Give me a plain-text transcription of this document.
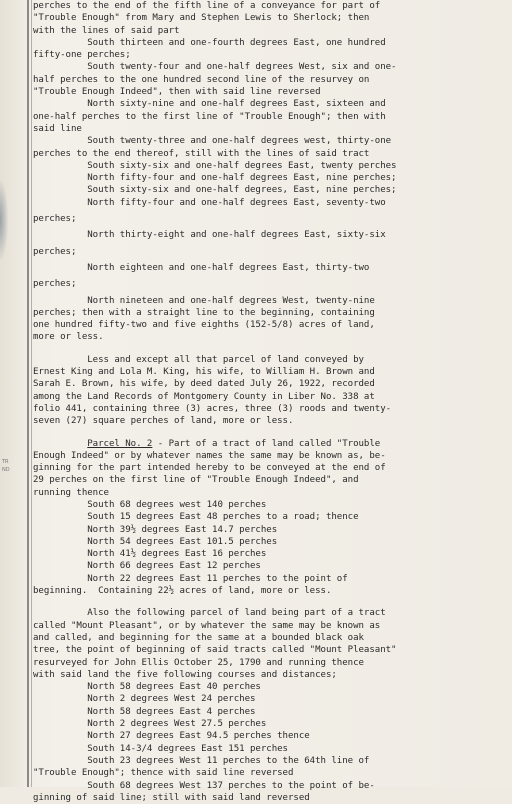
TR
ND
perches to the end of the fifth line of a conveyance for part of
"Trouble Enough" from Mary and Stephen Lewis to Sherlock; then
with the lines of said part
South thirteen and one-fourth degrees East, one hundred
fifty-one perches;
South twenty-four and one-half degrees West, six and one-
half perches to the one hundred second line of the resurvey on
"Trouble Enough Indeed", then with said line reversed
North sixty-nine and one-half degrees East, sixteen and
one-half perches to the first line of "Trouble Enough"; then with
said line
South twenty-three and one-half degrees west, thirty-one
perches to the end thereof, still with the lines of said tract
South sixty-six and one-half degrees East, twenty perches
North fifty-four and one-half degrees East, nine perches;
South sixty-six and one-half degrees, East, nine perches;
North fifty-four and one-half degrees East, seventy-two
perches;
North thirty-eight and one-half degrees East, sixty-six
perches;
North eighteen and one-half degrees East, thirty-two
perches;
North nineteen and one-half degrees West, twenty-nine
perches; then with a straight line to the beginning, containing
one hundred fifty-two and five eighths (152-5/8) acres of land,
more or less.
Less and except all that parcel of land conveyed by
Ernest King and Lola M. King, his wife, to William H. Brown and
Sarah E. Brown, his wife, by deed dated July 26, 1922, recorded
among the Land Records of Montgomery County in Liber No. 338 at
folio 441, containing three (3) acres, three (3) roods and twenty-
seven (27) square perches of land, more or less.
Parcel No. 2 - Part of a tract of land called "Trouble
Enough Indeed" or by whatever names the same may be known as, be-
ginning for the part intended hereby to be conveyed at the end of
29 perches on the first line of "Trouble Enough Indeed", and
running thence
South 68 degrees west 140 perches
South 15 degrees East 48 perches to a road; thence
North 39½ degrees East 14.7 perches
North 54 degrees East 101.5 perches
North 41½ degrees East 16 perches
North 66 degrees East 12 perches
North 22 degrees East 11 perches to the point of
beginning.  Containing 22½ acres of land, more or less.
Also the following parcel of land being part of a tract
called "Mount Pleasant", or by whatever the same may be known as
and called, and beginning for the same at a bounded black oak
tree, the point of beginning of said tracts called "Mount Pleasant"
resurveyed for John Ellis October 25, 1790 and running thence
with said land the five following courses and distances;
North 58 degrees East 40 perches
North 2 degrees West 24 perches
North 58 degrees East 4 perches
North 2 degrees West 27.5 perches
North 27 degrees East 94.5 perches thence
South 14-3/4 degrees East 151 perches
South 23 degrees West 11 perches to the 64th line of
"Trouble Enough"; thence with said line reversed
South 68 degrees West 137 perches to the point of be-
ginning of said line; still with said land reversed
